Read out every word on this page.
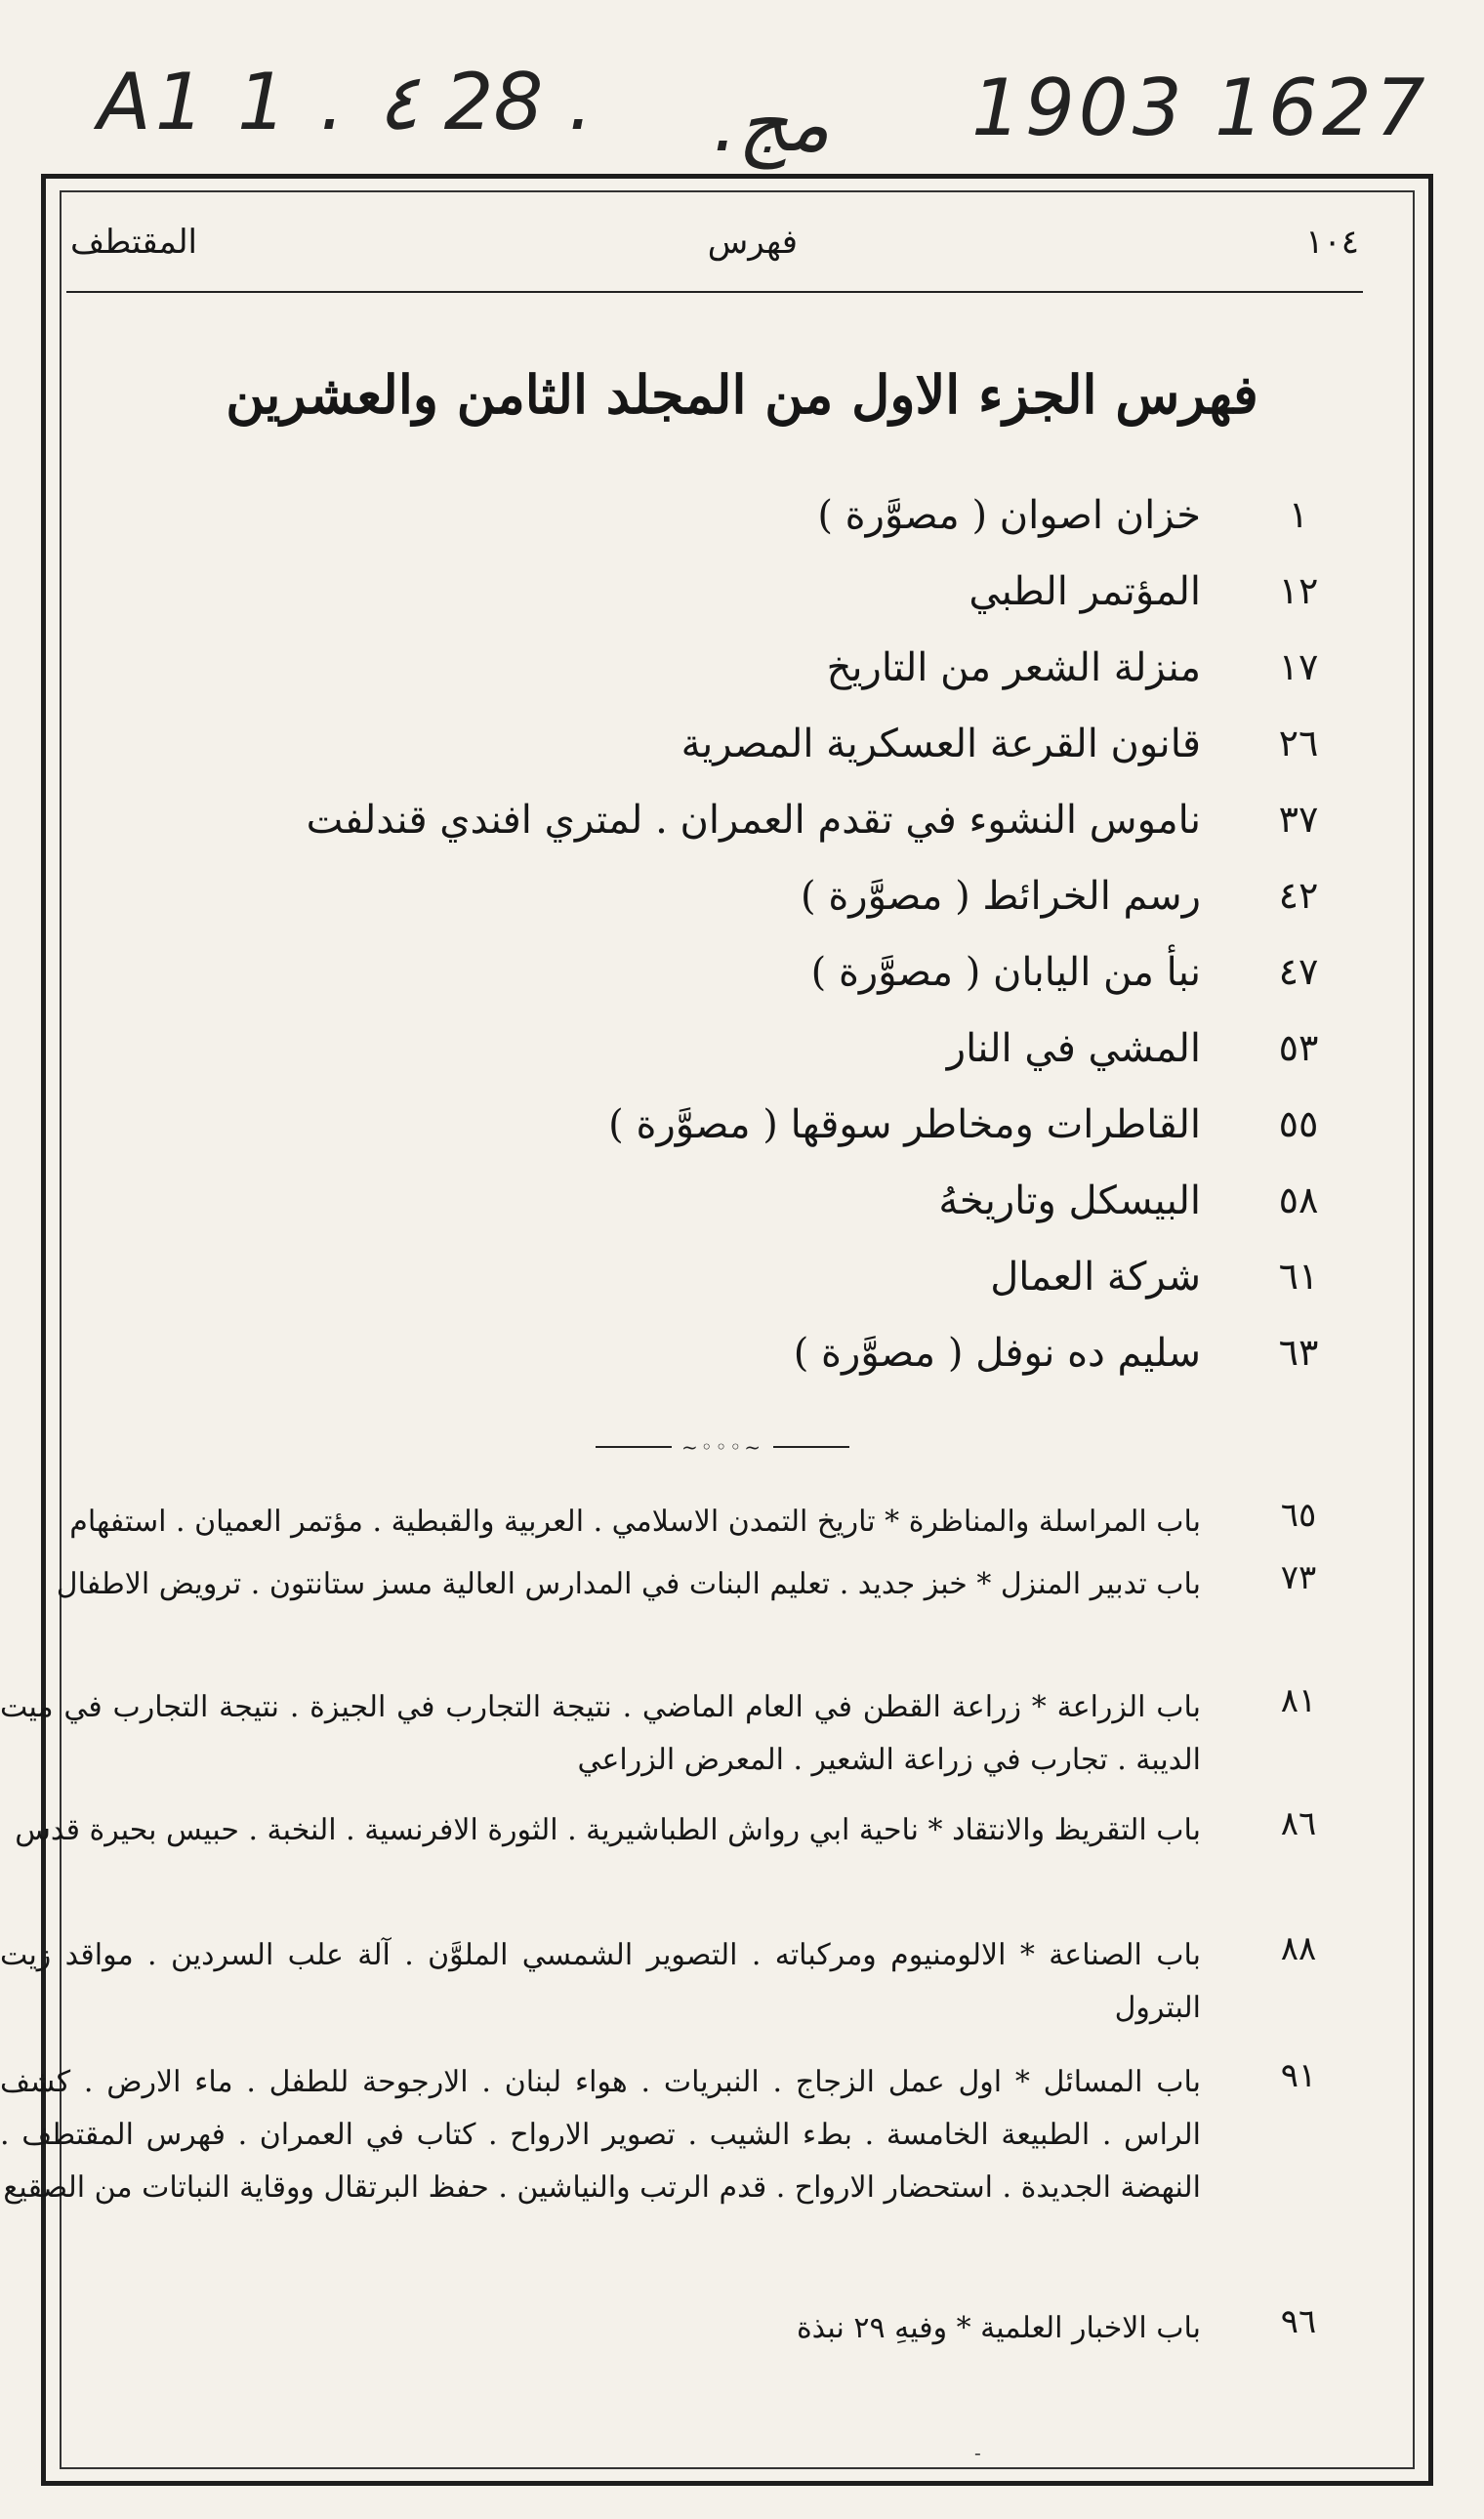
A1 1 . ٤ 28 . مج. 1903 1627
١٠٤
فهرس
المقتطف
فهرس الجزء الاول من المجلد الثامن والعشرين
١
خزان اصوان ( مصوَّرة )
١٢
المؤتمر الطبي
١٧
منزلة الشعر من التاريخ
٢٦
قانون القرعة العسكرية المصرية
٣٧
ناموس النشوء في تقدم العمران . لمتري افندي قندلفت
٤٢
رسم الخرائط ( مصوَّرة )
٤٧
نبأ من اليابان ( مصوَّرة )
٥٣
المشي في النار
٥٥
القاطرات ومخاطر سوقها ( مصوَّرة )
٥٨
البيسكل وتاريخهُ
٦١
شركة العمال
٦٣
سليم ده نوفل ( مصوَّرة )
~◦◦◦~
٦٥
باب المراسلة والمناظرة * تاريخ التمدن الاسلامي . العربية والقبطية . مؤتمر العميان . استفهام
٧٣
باب تدبير المنزل * خبز جديد . تعليم البنات في المدارس العالية مسز ستانتون . ترويض الاطفال
٨١
باب الزراعة * زراعة القطن في العام الماضي . نتيجة التجارب في الجيزة . نتيجة التجارب في ميت الديبة . تجارب في زراعة الشعير . المعرض الزراعي
٨٦
باب التقريظ والانتقاد * ناحية ابي رواش الطباشيرية . الثورة الافرنسية . النخبة . حبيس بحيرة قدس
٨٨
باب الصناعة * الالومنيوم ومركباته . التصوير الشمسي الملوَّن . آلة علب السردين . مواقد زيت البترول
٩١
باب المسائل * اول عمل الزجاج . النبريات . هواء لبنان . الارجوحة للطفل . ماء الارض . كشف الراس . الطبيعة الخامسة . بطء الشيب . تصوير الارواح . كتاب في العمران . فهرس المقتطف . النهضة الجديدة . استحضار الارواح . قدم الرتب والنياشين . حفظ البرتقال ووقاية النباتات من الصقيع
٩٦
باب الاخبار العلمية * وفيهِ ٢٩ نبذة
-
